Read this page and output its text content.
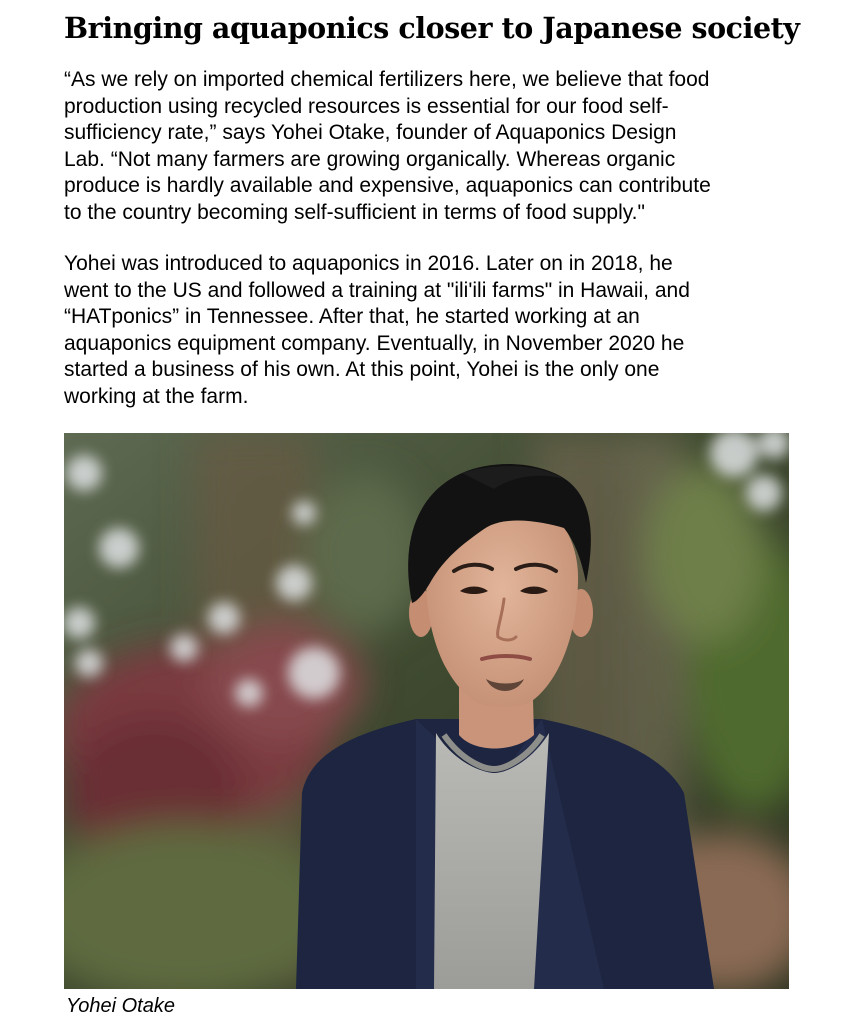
Bringing aquaponics closer to Japanese society

“As we rely on imported chemical fertilizers here, we believe that food
production using recycled resources is essential for our food self-
sufficiency rate,” says Yohei Otake, founder of Aquaponics Design
Lab. “Not many farmers are growing organically. Whereas organic
produce is hardly available and expensive, aquaponics can contribute
to the country becoming self-sufficient in terms of food supply."

Yohei was introduced to aquaponics in 2016. Later on in 2018, he
went to the US and followed a training at "ili'ili farms" in Hawaii, and
“HATponics” in Tennessee. After that, he started working at an
aquaponics equipment company. Eventually, in November 2020 he
started a business of his own. At this point, Yohei is the only one
working at the farm.

Yohei Otake
